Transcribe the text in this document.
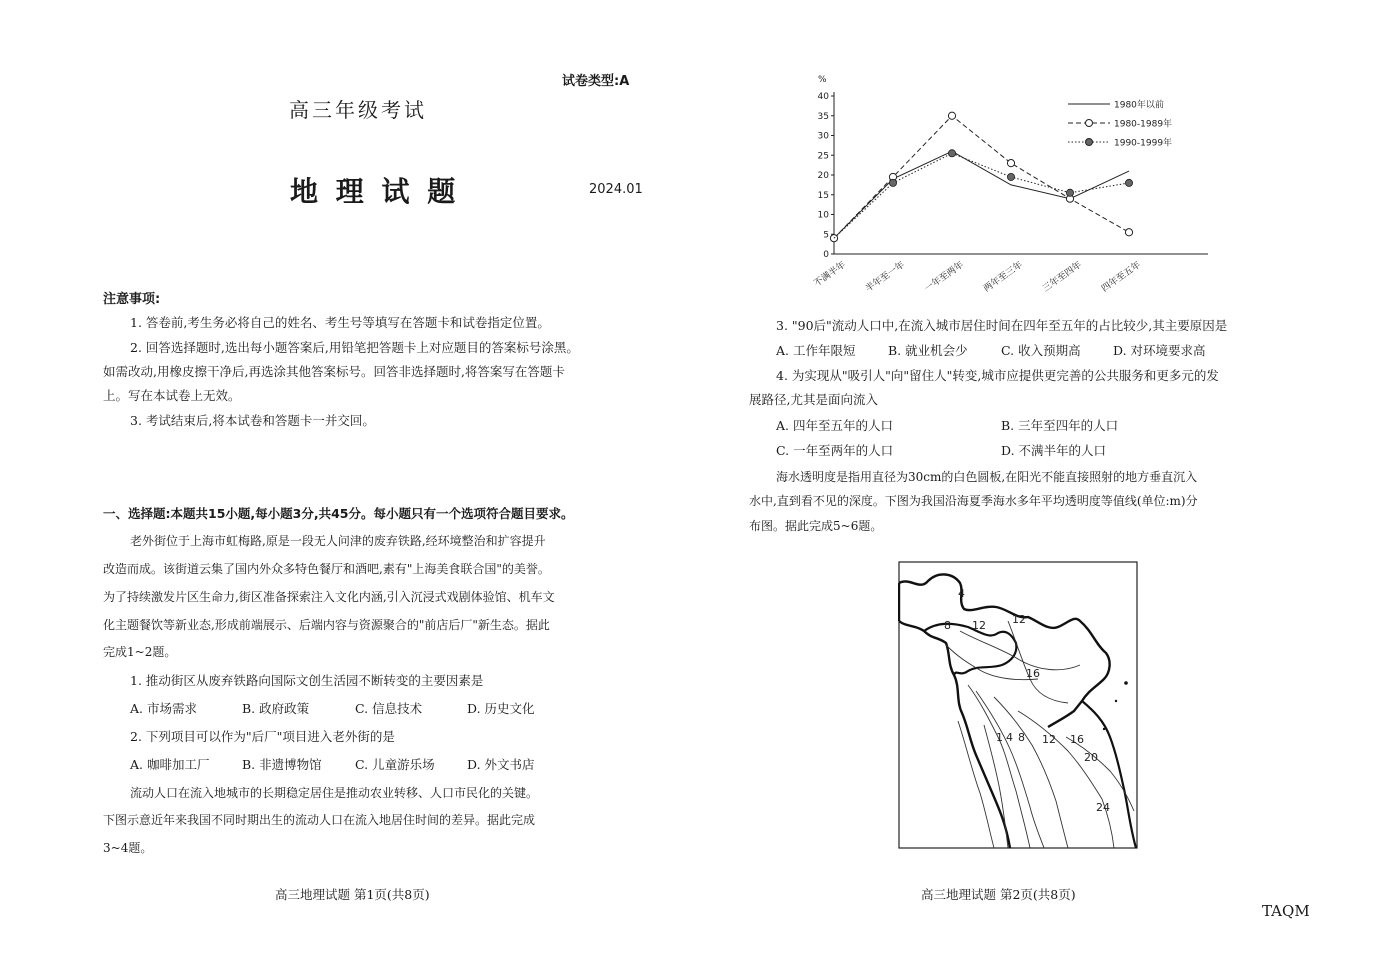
试卷类型:A
高三年级考试
地 理 试 题	2024.01
注意事项:
1. 答卷前,考生务必将自己的姓名、考生号等填写在答题卡和试卷指定位置。
2. 回答选择题时,选出每小题答案后,用铅笔把答题卡上对应题目的答案标号涂黑。
如需改动,用橡皮擦干净后,再选涂其他答案标号。回答非选择题时,将答案写在答题卡
上。写在本试卷上无效。
3. 考试结束后,将本试卷和答题卡一并交回。
一、选择题:本题共15小题,每小题3分,共45分。每小题只有一个选项符合题目要求。
老外街位于上海市虹梅路,原是一段无人问津的废弃铁路,经环境整治和扩容提升
改造而成。该街道云集了国内外众多特色餐厅和酒吧,素有"上海美食联合国"的美誉。
为了持续激发片区生命力,街区准备探索注入文化内涵,引入沉浸式戏剧体验馆、机车文
化主题餐饮等新业态,形成前端展示、后端内容与资源聚合的"前店后厂"新生态。据此
完成1~2题。
1. 推动街区从废弃铁路向国际文创生活园不断转变的主要因素是
A. 市场需求	B. 政府政策	C. 信息技术	D. 历史文化
2. 下列项目可以作为"后厂"项目进入老外街的是
A. 咖啡加工厂	B. 非遗博物馆	C. 儿童游乐场	D. 外文书店
流动人口在流入地城市的长期稳定居住是推动农业转移、人口市民化的关键。
下图示意近年来我国不同时期出生的流动人口在流入地居住时间的差异。据此完成
3~4题。
高三地理试题 第1页(共8页)
%
0
5
10
15
20
25
30
35
40
不满半年 半年至一年 一年至两年 两年至三年 三年至四年 四年至五年
1980年以前
1980-1989年
1990-1999年
3. "90后"流动人口中,在流入城市居住时间在四年至五年的占比较少,其主要原因是
A. 工作年限短	B. 就业机会少	C. 收入预期高	D. 对环境要求高
4. 为实现从"吸引人"向"留住人"转变,城市应提供更完善的公共服务和更多元的发
展路径,尤其是面向流入
A. 四年至五年的人口	B. 三年至四年的人口
C. 一年至两年的人口	D. 不满半年的人口
海水透明度是指用直径为30cm的白色圆板,在阳光不能直接照射的地方垂直沉入
水中,直到看不见的深度。下图为我国沿海夏季海水多年平均透明度等值线(单位:m)分
布图。据此完成5~6题。
4
8 12 12
16
1 4 8 12 16
20
24
高三地理试题 第2页(共8页)
TAQM
